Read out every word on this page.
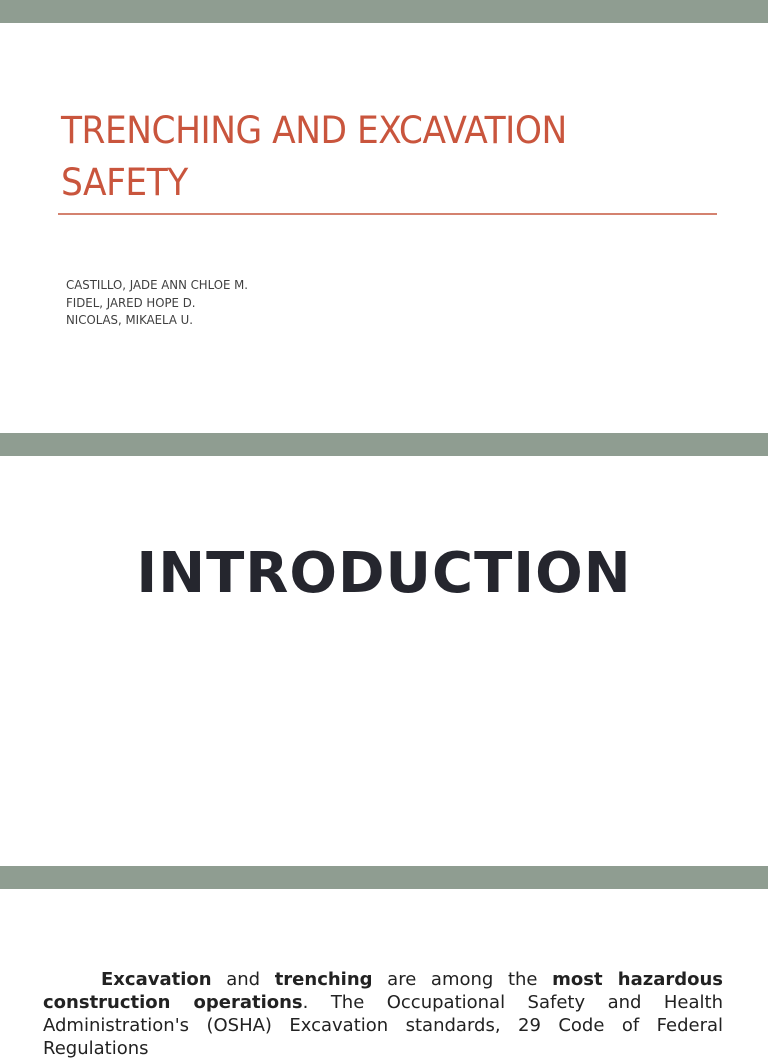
TRENCHING AND EXCAVATION SAFETY
CASTILLO, JADE ANN CHLOE M.
FIDEL, JARED HOPE D.
NICOLAS, MIKAELA U.
INTRODUCTION

Excavation and trenching are among the most hazardous construction operations. The Occupational Safety and Health Administration's (OSHA) Excavation standards, 29 Code of Federal Regulations
